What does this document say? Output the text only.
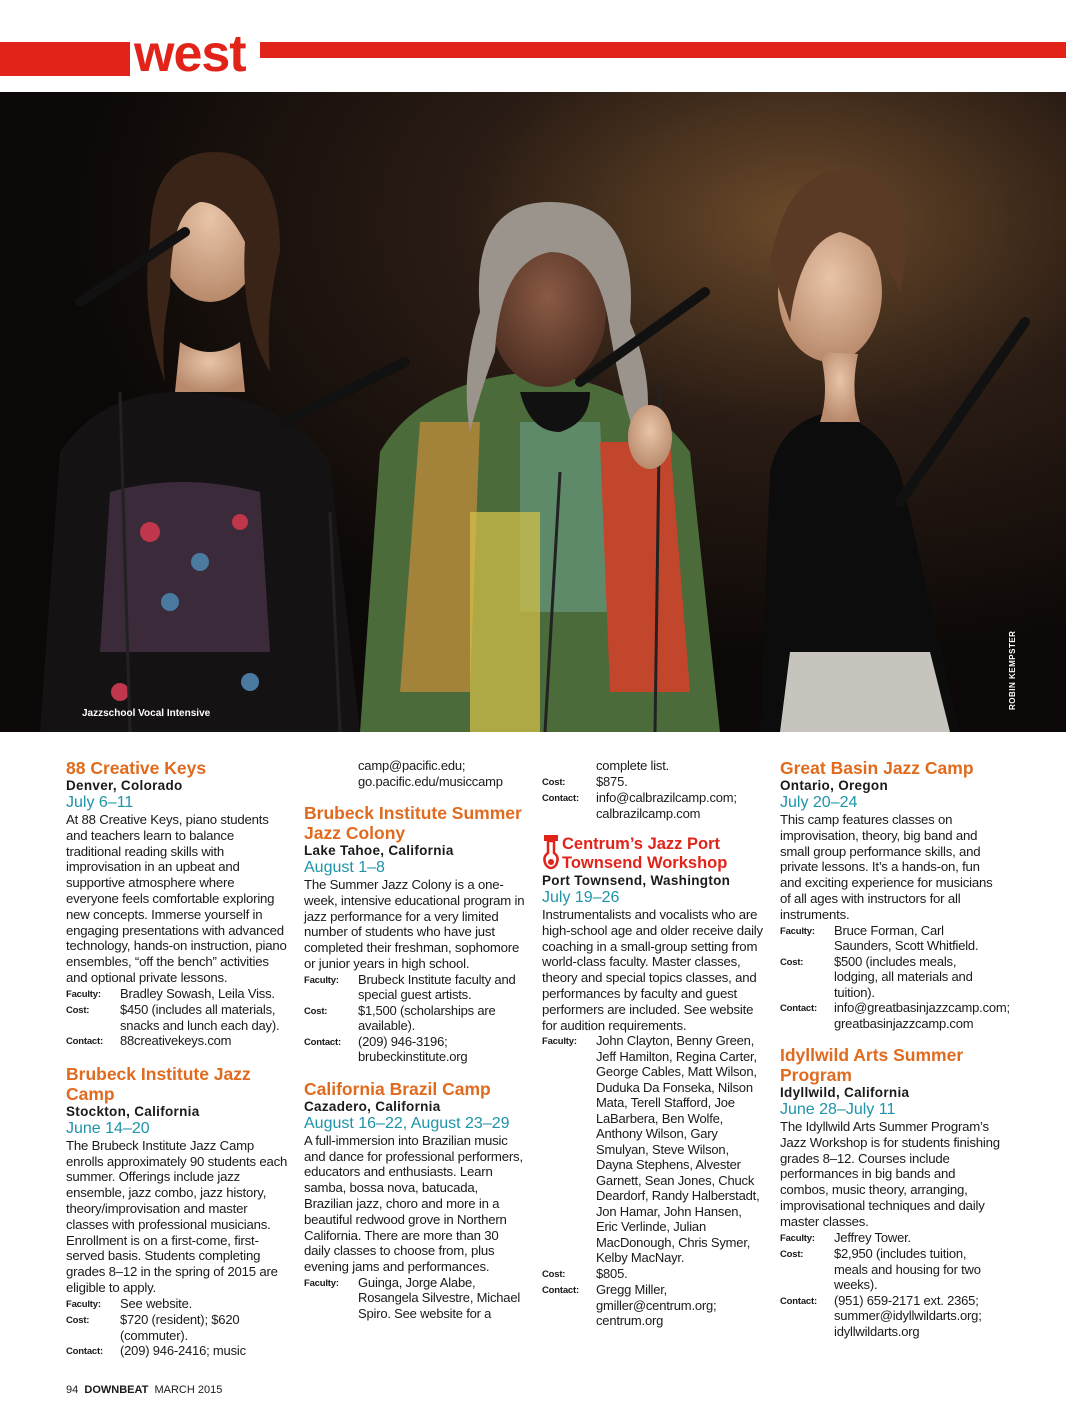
west
Jazzschool Vocal Intensive
ROBIN KEMPSTER
88 Creative Keys
Denver, Colorado
July 6–11
At 88 Creative Keys, piano students and teachers learn to balance traditional reading skills with improvisation in an upbeat and supportive atmosphere where everyone feels comfortable exploring new concepts. Immerse yourself in engaging presentations with advanced technology, hands-on instruction, piano ensembles, “off the bench” activities and optional private lessons.
Faculty:	Bradley Sowash, Leila Viss.
Cost:	$450 (includes all materials, snacks and lunch each day).
Contact:	88creativekeys.com
Brubeck Institute Jazz Camp
Stockton, California
June 14–20
The Brubeck Institute Jazz Camp enrolls approximately 90 students each summer. Offerings include jazz ensemble, jazz combo, jazz history, theory/improvisation and master classes with professional musicians. Enrollment is on a first-come, first-served basis. Students completing grades 8–12 in the spring of 2015 are eligible to apply.
Faculty:	See website.
Cost:	$720 (resident); $620 (commuter).
Contact:	(209) 946-2416; music
camp@pacific.edu; go.pacific.edu/musiccamp
Brubeck Institute Summer Jazz Colony
Lake Tahoe, California
August 1–8
The Summer Jazz Colony is a one-week, intensive educational program in jazz performance for a very limited number of students who have just completed their freshman, sophomore or junior years in high school.
Faculty:	Brubeck Institute faculty and special guest artists.
Cost:	$1,500 (scholarships are available).
Contact:	(209) 946-3196; brubeckinstitute.org
California Brazil Camp
Cazadero, California
August 16–22, August 23–29
A full-immersion into Brazilian music and dance for professional performers, educators and enthusiasts. Learn samba, bossa nova, batucada, Brazilian jazz, choro and more in a beautiful redwood grove in Northern California. There are more than 30 daily classes to choose from, plus evening jams and performances.
Faculty:	Guinga, Jorge Alabe, Rosangela Silvestre, Michael Spiro. See website for a
complete list.
Cost:	$875.
Contact:	info@calbrazilcamp.com; calbrazilcamp.com
Centrum’s Jazz Port Townsend Workshop
Port Townsend, Washington
July 19–26
Instrumentalists and vocalists who are high-school age and older receive daily coaching in a small-group setting from world-class faculty. Master classes, theory and special topics classes, and performances by faculty and guest performers are included. See website for audition requirements.
Faculty:	John Clayton, Benny Green, Jeff Hamilton, Regina Carter, George Cables, Matt Wilson, Duduka Da Fonseka, Nilson Mata, Terell Stafford, Joe LaBarbera, Ben Wolfe, Anthony Wilson, Gary Smulyan, Steve Wilson, Dayna Stephens, Alvester Garnett, Sean Jones, Chuck Deardorf, Randy Halberstadt, Jon Hamar, John Hansen, Eric Verlinde, Julian MacDonough, Chris Symer, Kelby MacNayr.
Cost:	$805.
Contact:	Gregg Miller, gmiller@centrum.org; centrum.org
Great Basin Jazz Camp
Ontario, Oregon
July 20–24
This camp features classes on improvisation, theory, big band and small group performance skills, and private lessons. It’s a hands-on, fun and exciting experience for musicians of all ages with instructors for all instruments.
Faculty:	Bruce Forman, Carl Saunders, Scott Whitfield.
Cost:	$500 (includes meals, lodging, all materials and tuition).
Contact:	info@greatbasinjazzcamp.com; greatbasinjazzcamp.com
Idyllwild Arts Summer Program
Idyllwild, California
June 28–July 11
The Idyllwild Arts Summer Program’s Jazz Workshop is for students finishing grades 8–12. Courses include performances in big bands and combos, music theory, arranging, improvisational techniques and daily master classes.
Faculty:	Jeffrey Tower.
Cost:	$2,950 (includes tuition, meals and housing for two weeks).
Contact:	(951) 659-2171 ext. 2365; summer@idyllwildarts.org; idyllwildarts.org
94 DOWNBEAT MARCH 2015
